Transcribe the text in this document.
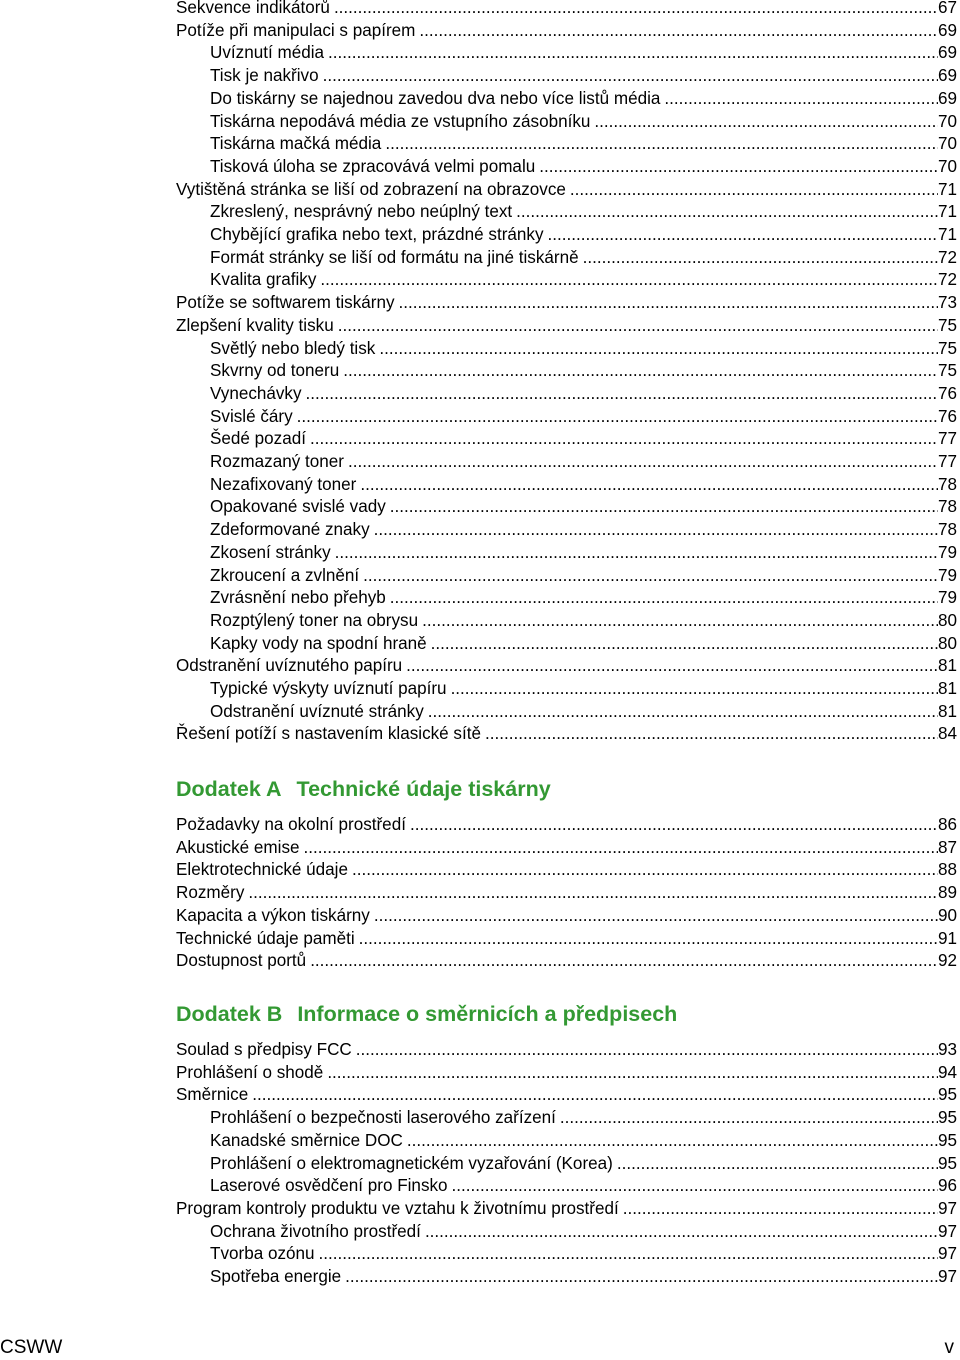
Sekvence indikátorů .....	67
Potíže při manipulaci s papírem .....	69
Uvíznutí média .....	69
Tisk je nakřivo .....	69
Do tiskárny se najednou zavedou dva nebo více listů média .....	69
Tiskárna nepodává média ze vstupního zásobníku .....	70
Tiskárna mačká média .....	70
Tisková úloha se zpracovává velmi pomalu .....	70
Vytištěná stránka se liší od zobrazení na obrazovce .....	71
Zkreslený, nesprávný nebo neúplný text .....	71
Chybějící grafika nebo text, prázdné stránky .....	71
Formát stránky se liší od formátu na jiné tiskárně .....	72
Kvalita grafiky .....	72
Potíže se softwarem tiskárny .....	73
Zlepšení kvality tisku .....	75
Světlý nebo bledý tisk .....	75
Skvrny od toneru .....	75
Vynechávky .....	76
Svislé čáry .....	76
Šedé pozadí .....	77
Rozmazaný toner .....	77
Nezafixovaný toner .....	78
Opakované svislé vady .....	78
Zdeformované znaky .....	78
Zkosení stránky .....	79
Zkroucení a zvlnění .....	79
Zvrásnění nebo přehyb .....	79
Rozptýlený toner na obrysu .....	80
Kapky vody na spodní hraně .....	80
Odstranění uvíznutého papíru .....	81
Typické výskyty uvíznutí papíru .....	81
Odstranění uvíznuté stránky .....	81
Řešení potíží s nastavením klasické sítě .....	84
Dodatek A Technické údaje tiskárny
Požadavky na okolní prostředí .....	86
Akustické emise .....	87
Elektrotechnické údaje .....	88
Rozměry .....	89
Kapacita a výkon tiskárny .....	90
Technické údaje paměti .....	91
Dostupnost portů .....	92
Dodatek B Informace o směrnicích a předpisech
Soulad s předpisy FCC .....	93
Prohlášení o shodě .....	94
Směrnice .....	95
Prohlášení o bezpečnosti laserového zařízení .....	95
Kanadské směrnice DOC .....	95
Prohlášení o elektromagnetickém vyzařování (Korea) .....	95
Laserové osvědčení pro Finsko .....	96
Program kontroly produktu ve vztahu k životnímu prostředí .....	97
Ochrana životního prostředí .....	97
Tvorba ozónu .....	97
Spotřeba energie .....	97
CSWW	v
